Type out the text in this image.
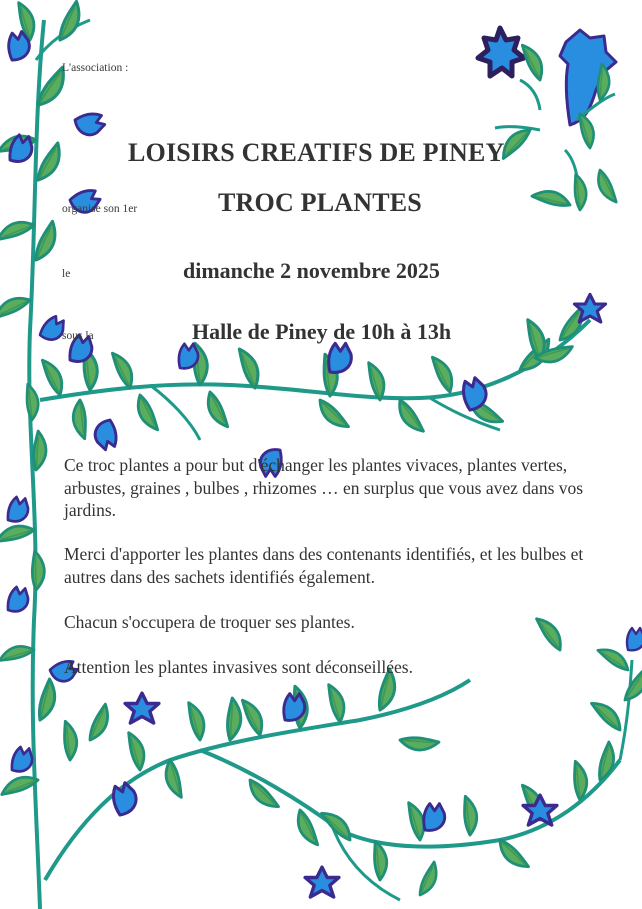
L'association :
LOISIRS CREATIFS DE PINEY
organise son 1er	TROC PLANTES
le	dimanche 2 novembre 2025
sous la	Halle de Piney de 10h à 13h
Ce troc plantes a pour but d'échanger les plantes vivaces, plantes vertes, arbustes, graines , bulbes , rhizomes … en surplus que vous avez dans vos jardins.
Merci d'apporter les plantes dans des contenants identifiés, et les bulbes et autres dans des sachets identifiés également.
Chacun s'occupera de troquer ses plantes.
Attention les plantes invasives sont déconseillées.
